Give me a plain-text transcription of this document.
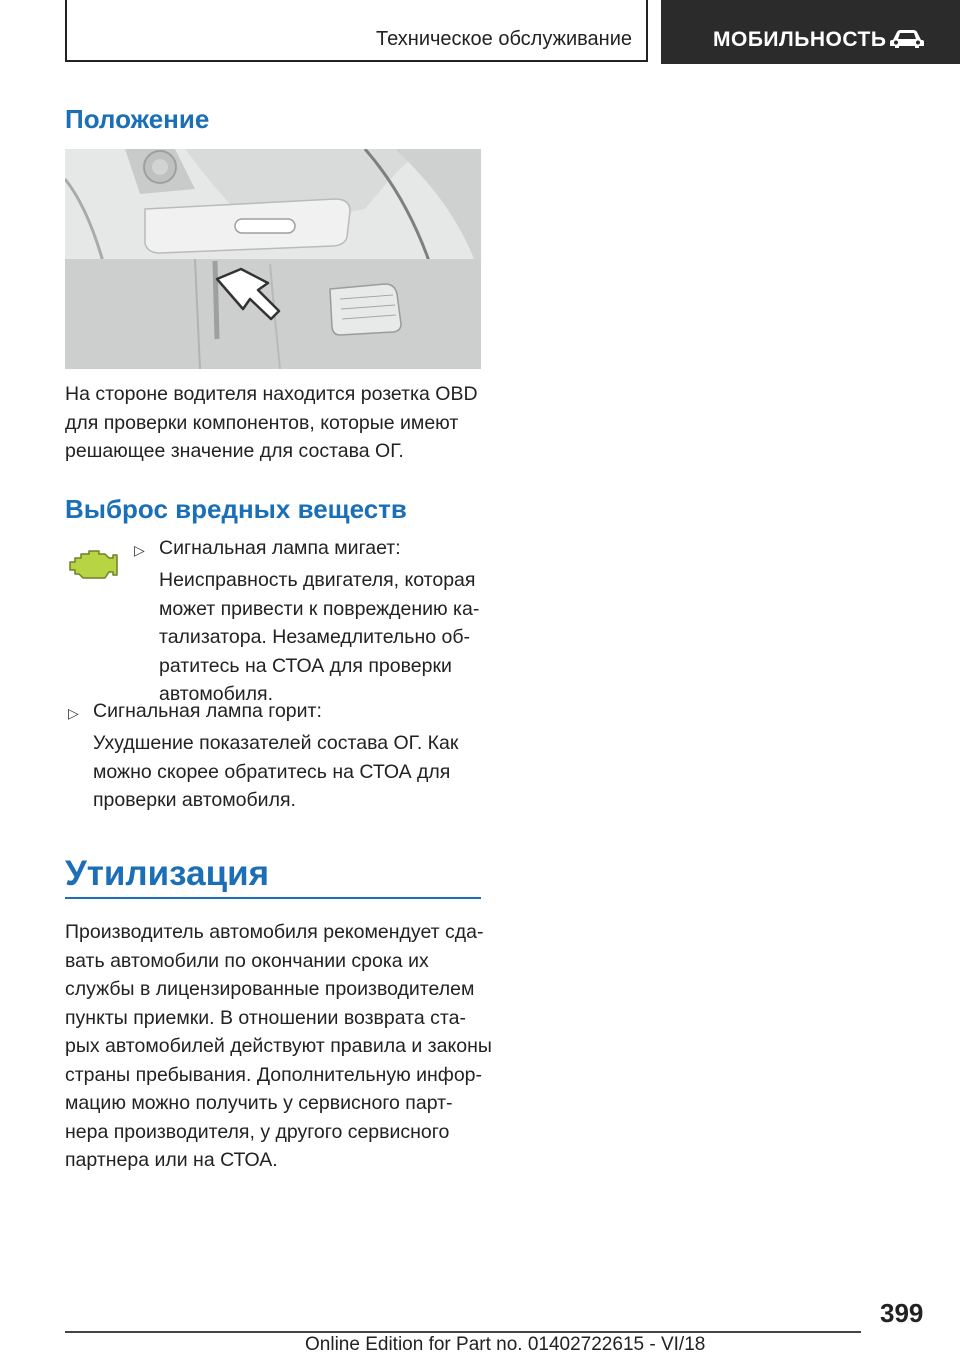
Техническое обслуживание	МОБИЛЬНОСТЬ
Положение
На стороне водителя находится розетка OBD
для проверки компонентов, которые имеют
решающее значение для состава ОГ.
Выброс вредных веществ
▷ Сигнальная лампа мигает:
Неисправность двигателя, которая
может привести к повреждению ка-
тализатора. Незамедлительно об-
ратитесь на СТОА для проверки
автомобиля.
▷ Сигнальная лампа горит:
Ухудшение показателей состава ОГ. Как
можно скорее обратитесь на СТОА для
проверки автомобиля.
Утилизация
Производитель автомобиля рекомендует сда-
вать автомобили по окончании срока их
службы в лицензированные производителем
пункты приемки. В отношении возврата ста-
рых автомобилей действуют правила и законы
страны пребывания. Дополнительную инфор-
мацию можно получить у сервисного парт-
нера производителя, у другого сервисного
партнера или на СТОА.
399
Online Edition for Part no. 01402722615 - VI/18
